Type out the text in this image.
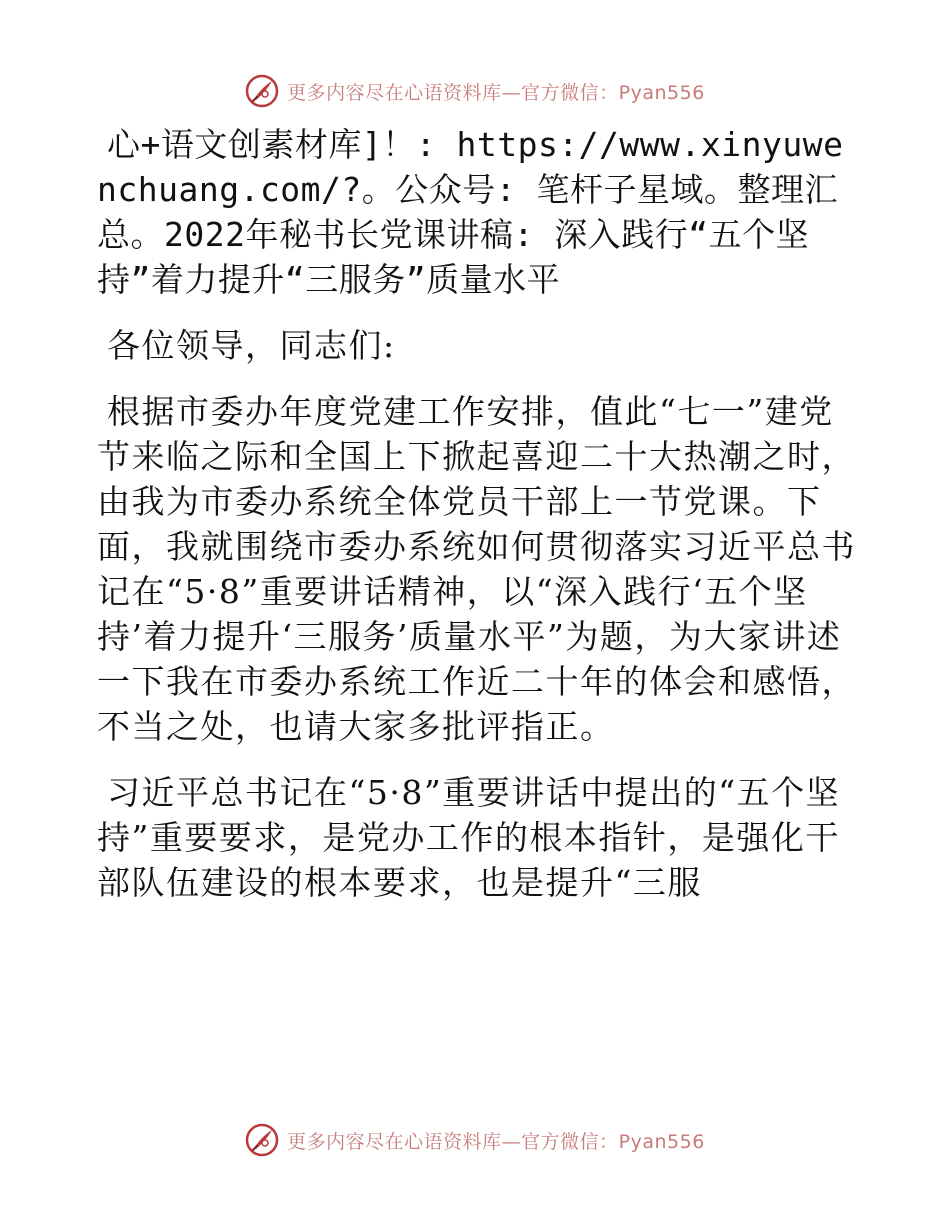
更多内容尽在心语资料库—官方微信：Pyan556

心+语文创素材库]！: https://www.xinyuwenchuang.com/?。公众号: 笔杆子星域。整理汇总。2022年秘书长党课讲稿: 深入践行“五个坚持”着力提升“三服务”质量水平

各位领导，同志们:

根据市委办年度党建工作安排，值此“七一”建党节来临之际和全国上下掀起喜迎二十大热潮之时，由我为市委办系统全体党员干部上一节党课。下面，我就围绕市委办系统如何贯彻落实习近平总书记在“5·8”重要讲话精神，以“深入践行‘五个坚持’着力提升‘三服务’质量水平”为题，为大家讲述一下我在市委办系统工作近二十年的体会和感悟，不当之处，也请大家多批评指正。

习近平总书记在“5·8”重要讲话中提出的“五个坚持”重要要求，是党办工作的根本指针，是强化干部队伍建设的根本要求，也是提升“三服

更多内容尽在心语资料库—官方微信：Pyan556
